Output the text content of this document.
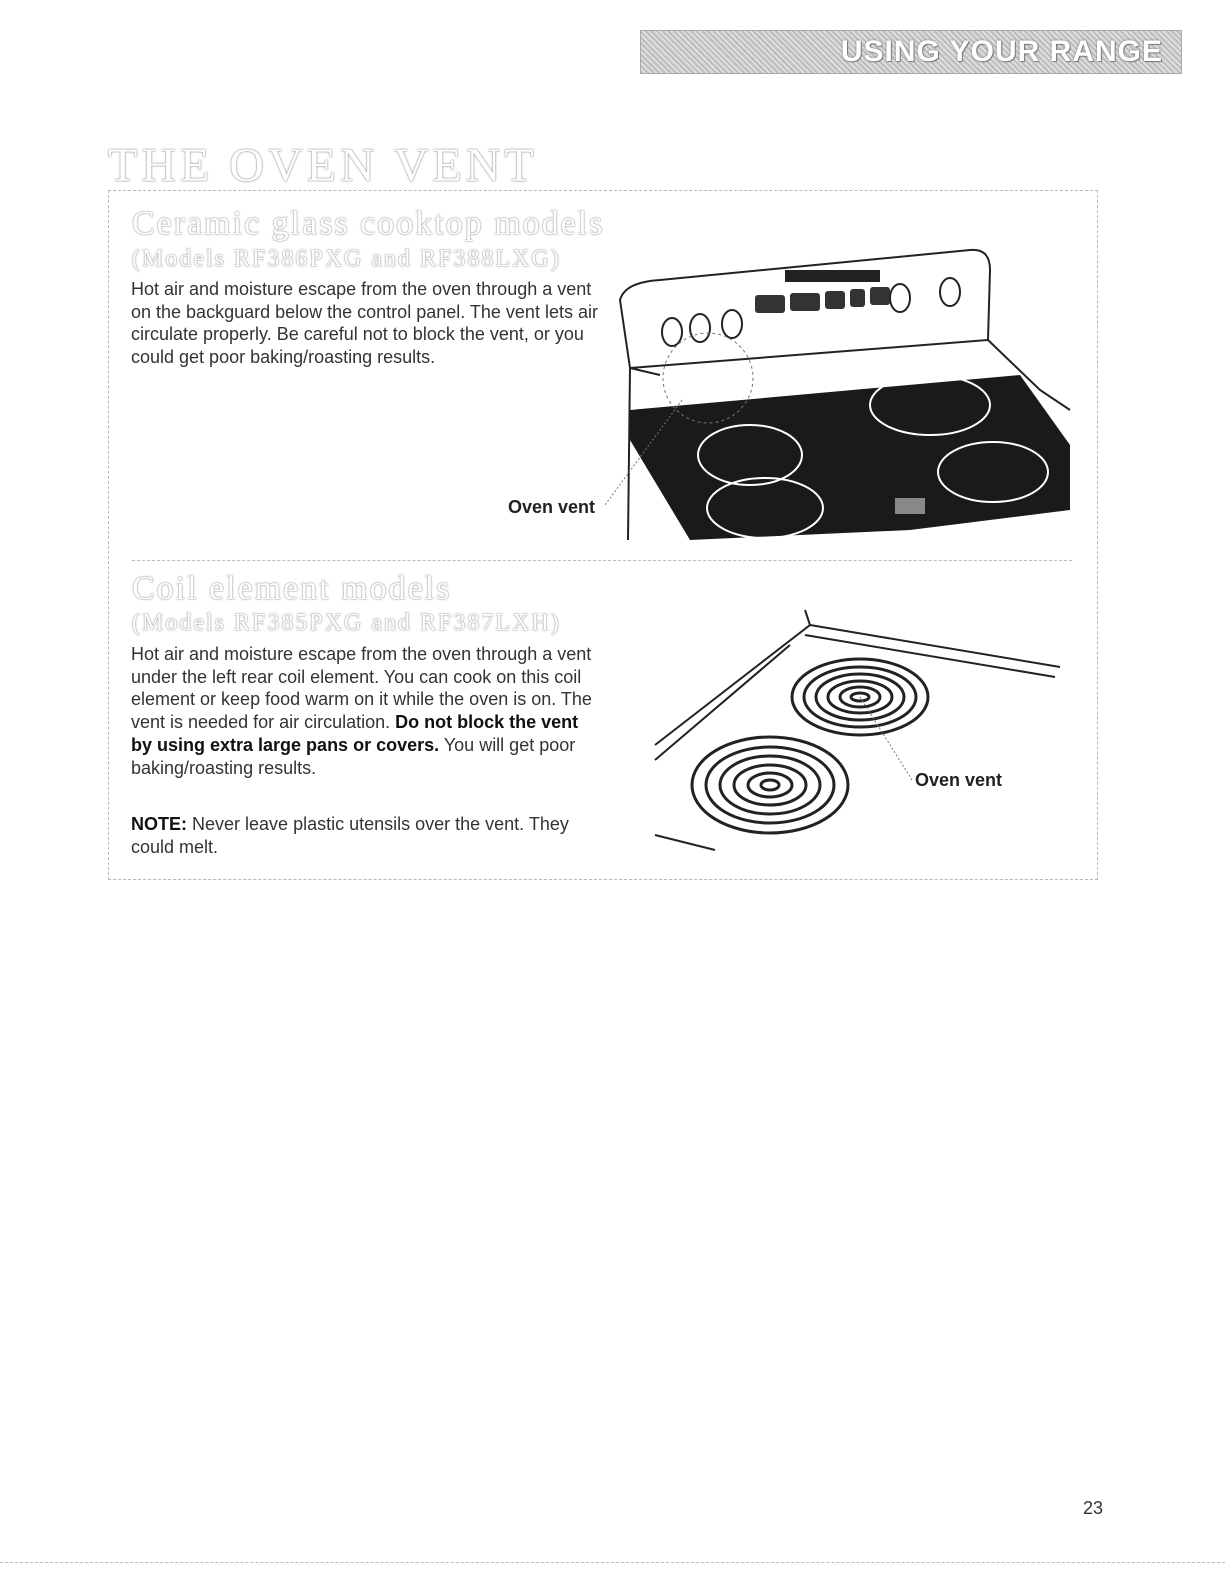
USING YOUR RANGE
THE OVEN VENT
Ceramic glass cooktop models
(Models RF386PXG and RF388LXG)

Hot air and moisture escape from the oven through a vent on the backguard below the control panel. The vent lets air circulate properly. Be careful not to block the vent, or you could get poor baking/roasting results.

Oven vent
Coil element models
(Models RF385PXG and RF387LXH)

Hot air and moisture escape from the oven through a vent under the left rear coil element. You can cook on this coil element or keep food warm on it while the oven is on. The vent is needed for air circulation. Do not block the vent by using extra large pans or covers. You will get poor baking/roasting results.

NOTE: Never leave plastic utensils over the vent. They could melt.

Oven vent
23
